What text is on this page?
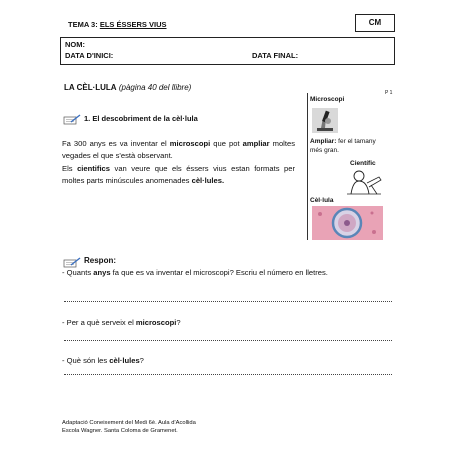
TEMA 3: ELS ÉSSERS VIUS	CM
NOM:
DATA D'INICI:	DATA FINAL:
LA CÈL·LULA (pàgina 40 del llibre)
P 1
1. El descobriment de la cèl·lula
Fa 300 anys es va inventar el microscopi que pot ampliar moltes vegades el que s'està observant.
Els cientifics van veure que els éssers vius estan formats per moltes parts minúscules anomenades cèl·lules.
Microscopi
Ampliar: fer el tamany més gran.
Científic
Cèl·lula
Respon:
- Quants anys fa que es va inventar el microscopi? Escriu el número en lletres.
- Per a què serveix el microscopi?
- Què són les cèl·lules?
Adaptació Coneixement del Medi 6è. Aula d'Acollida
Escola Wagner. Santa Coloma de Gramenet.
